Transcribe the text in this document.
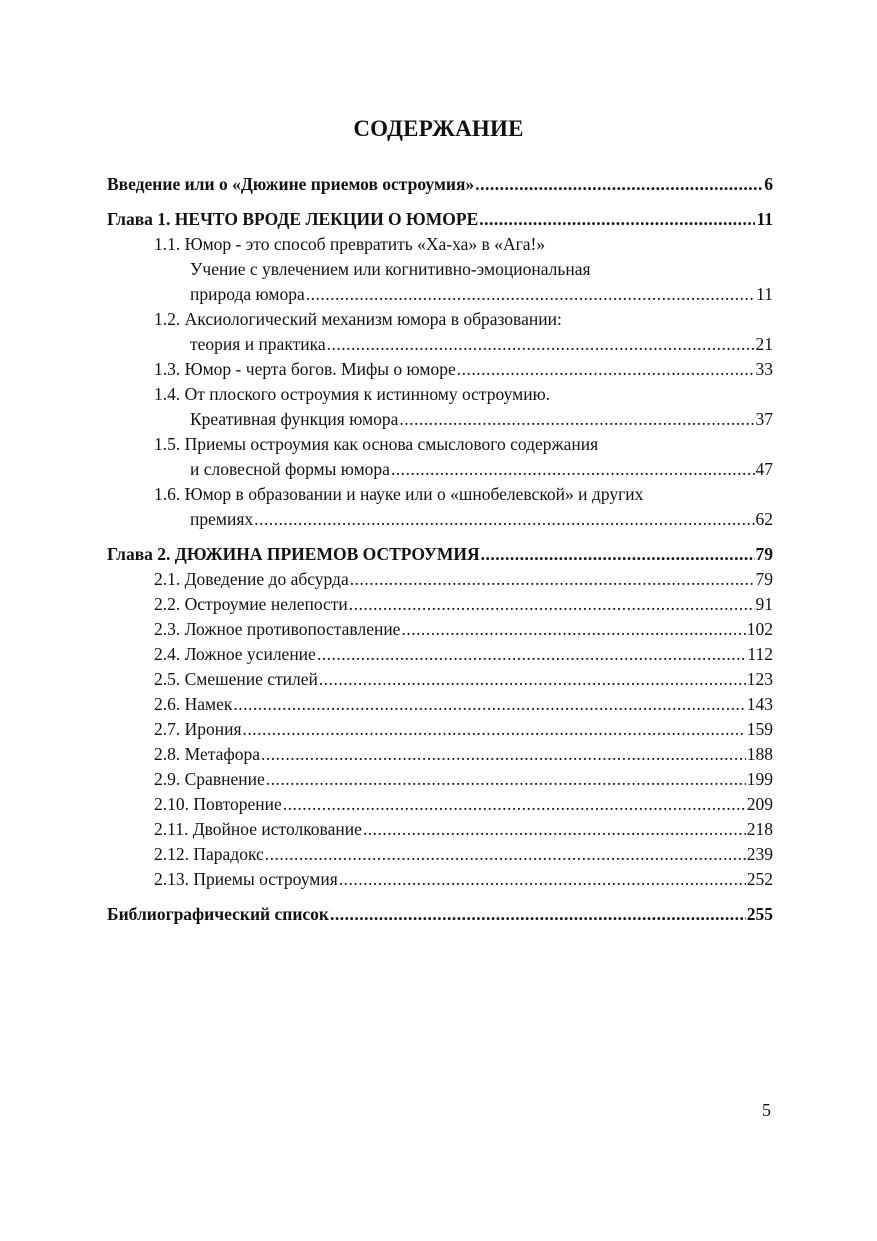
СОДЕРЖАНИЕ
Введение или о «Дюжине приемов остроумия» .....	6
Глава 1. НЕЧТО ВРОДЕ ЛЕКЦИИ О ЮМОРЕ .....	11
1.1. Юмор - это способ превратить «Ха-ха» в «Ага!»
Учение с увлечением или когнитивно-эмоциональная
природа юмора .....	11
1.2. Аксиологический механизм юмора в образовании:
теория и практика .....	21
1.3. Юмор - черта богов. Мифы о юморе .....	33
1.4. От плоского остроумия к истинному остроумию.
Креативная функция юмора .....	37
1.5. Приемы остроумия как основа смыслового содержания
и словесной формы юмора .....	47
1.6. Юмор в образовании и науке или о «шнобелевской» и других
премиях .....	62
Глава 2. ДЮЖИНА ПРИЕМОВ ОСТРОУМИЯ .....	79
2.1. Доведение до абсурда .....	79
2.2. Остроумие нелепости .....	91
2.3. Ложное противопоставление .....	102
2.4. Ложное усиление .....	112
2.5. Смешение стилей .....	123
2.6. Намек .....	143
2.7. Ирония .....	159
2.8. Метафора .....	188
2.9. Сравнение .....	199
2.10. Повторение .....	209
2.11. Двойное истолкование .....	218
2.12. Парадокс .....	239
2.13. Приемы остроумия .....	252
Библиографический список .....	255
5
